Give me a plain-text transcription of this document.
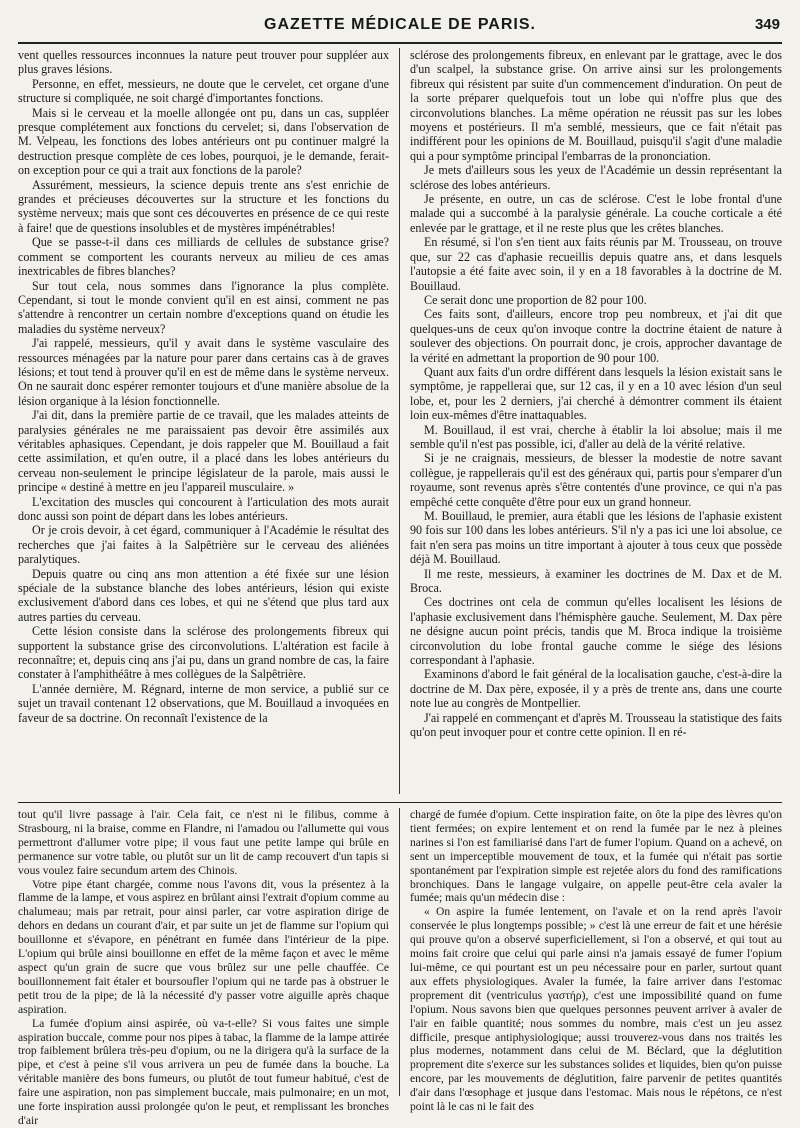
GAZETTE MÉDICALE DE PARIS.	349

vent quelles ressources inconnues la nature peut trouver pour suppléer aux plus graves lésions.

Personne, en effet, messieurs, ne doute que le cervelet, cet organe d'une structure si compliquée, ne soit chargé d'importantes fonctions.

Mais si le cerveau et la moelle allongée ont pu, dans un cas, suppléer presque complétement aux fonctions du cervelet; si, dans l'observation de M. Velpeau, les fonctions des lobes antérieurs ont pu continuer malgré la destruction presque complète de ces lobes, pourquoi, je le demande, ferait-on exception pour ce qui a trait aux fonctions de la parole?

Assurément, messieurs, la science depuis trente ans s'est enrichie de grandes et précieuses découvertes sur la structure et les fonctions du système nerveux; mais que sont ces découvertes en présence de ce qui reste à faire! que de questions insolubles et de mystères impénétrables!

Que se passe-t-il dans ces milliards de cellules de substance grise? comment se comportent les courants nerveux au milieu de ces amas inextricables de fibres blanches?

Sur tout cela, nous sommes dans l'ignorance la plus complète. Cependant, si tout le monde convient qu'il en est ainsi, comment ne pas s'attendre à rencontrer un certain nombre d'exceptions quand on étudie les maladies du système nerveux?

J'ai rappelé, messieurs, qu'il y avait dans le système vasculaire des ressources ménagées par la nature pour parer dans certains cas à de graves lésions; et tout tend à prouver qu'il en est de même dans le système nerveux. On ne saurait donc espérer remonter toujours et d'une manière absolue de la lésion organique à la lésion fonctionnelle.

J'ai dit, dans la première partie de ce travail, que les malades atteints de paralysies générales ne me paraissaient pas devoir être assimilés aux véritables aphasiques. Cependant, je dois rappeler que M. Bouillaud a fait cette assimilation, et qu'en outre, il a placé dans les lobes antérieurs du cerveau non-seulement le principe législateur de la parole, mais aussi le principe « destiné à mettre en jeu l'appareil musculaire. »

L'excitation des muscles qui concourent à l'articulation des mots aurait donc aussi son point de départ dans les lobes antérieurs.

Or je crois devoir, à cet égard, communiquer à l'Académie le résultat des recherches que j'ai faites à la Salpêtrière sur le cerveau des aliénées paralytiques.

Depuis quatre ou cinq ans mon attention a été fixée sur une lésion spéciale de la substance blanche des lobes antérieurs, lésion qui existe exclusivement d'abord dans ces lobes, et qui ne s'étend que plus tard aux autres parties du cerveau.

Cette lésion consiste dans la sclérose des prolongements fibreux qui supportent la substance grise des circonvolutions. L'altération est facile à reconnaître; et, depuis cinq ans j'ai pu, dans un grand nombre de cas, la faire constater à l'amphithéâtre à mes collègues de la Salpêtrière.

L'année dernière, M. Régnard, interne de mon service, a publié sur ce sujet un travail contenant 12 observations, que M. Bouillaud a invoquées en faveur de sa doctrine. On reconnaît l'existence de la

sclérose des prolongements fibreux, en enlevant par le grattage, avec le dos d'un scalpel, la substance grise. On arrive ainsi sur les prolongements fibreux qui résistent par suite d'un commencement d'induration. On peut de la sorte préparer quelquefois tout un lobe qui n'offre plus que des circonvolutions blanches. La même opération ne réussit pas sur les lobes moyens et postérieurs. Il m'a semblé, messieurs, que ce fait n'était pas indifférent pour les opinions de M. Bouillaud, puisqu'il s'agit d'une maladie qui a pour symptôme principal l'embarras de la prononciation.

Je mets d'ailleurs sous les yeux de l'Académie un dessin représentant la sclérose des lobes antérieurs.

Je présente, en outre, un cas de sclérose. C'est le lobe frontal d'une malade qui a succombé à la paralysie générale. La couche corticale a été enlevée par le grattage, et il ne reste plus que les crêtes blanches.

En résumé, si l'on s'en tient aux faits réunis par M. Trousseau, on trouve que, sur 22 cas d'aphasie recueillis depuis quatre ans, et dans lesquels l'autopsie a été faite avec soin, il y en a 18 favorables à la doctrine de M. Bouillaud.

Ce serait donc une proportion de 82 pour 100.

Ces faits sont, d'ailleurs, encore trop peu nombreux, et j'ai dit que quelques-uns de ceux qu'on invoque contre la doctrine étaient de nature à soulever des objections. On pourrait donc, je crois, approcher davantage de la vérité en admettant la proportion de 90 pour 100.

Quant aux faits d'un ordre différent dans lesquels la lésion existait sans le symptôme, je rappellerai que, sur 12 cas, il y en a 10 avec lésion d'un seul lobe, et, pour les 2 derniers, j'ai cherché à démontrer comment ils étaient loin eux-mêmes d'être inattaquables.

M. Bouillaud, il est vrai, cherche à établir la loi absolue; mais il me semble qu'il n'est pas possible, ici, d'aller au delà de la vérité relative.

Si je ne craignais, messieurs, de blesser la modestie de notre savant collègue, je rappellerais qu'il est des généraux qui, partis pour s'emparer d'un royaume, sont revenus après s'être contentés d'une province, ce qui n'a pas empêché cette conquête d'être pour eux un grand honneur.

M. Bouillaud, le premier, aura établi que les lésions de l'aphasie existent 90 fois sur 100 dans les lobes antérieurs. S'il n'y a pas ici une loi absolue, ce fait n'en sera pas moins un titre important à ajouter à tous ceux que possède déjà M. Bouillaud.

Il me reste, messieurs, à examiner les doctrines de M. Dax et de M. Broca.

Ces doctrines ont cela de commun qu'elles localisent les lésions de l'aphasie exclusivement dans l'hémisphère gauche. Seulement, M. Dax père ne désigne aucun point précis, tandis que M. Broca indique la troisième circonvolution du lobe frontal gauche comme le siége des lésions correspondant à l'aphasie.

Examinons d'abord le fait général de la localisation gauche, c'est-à-dire la doctrine de M. Dax père, exposée, il y a près de trente ans, dans une courte note lue au congrès de Montpellier.

J'ai rappelé en commençant et d'après M. Trousseau la statistique des faits qu'on peut invoquer pour et contre cette opinion. Il en ré-

tout qu'il livre passage à l'air. Cela fait, ce n'est ni le filibus, comme à Strasbourg, ni la braise, comme en Flandre, ni l'amadou ou l'allumette qui vous permettront d'allumer votre pipe; il vous faut une petite lampe qui brûle en permanence sur votre table, ou plutôt sur un lit de camp recouvert d'un tapis si vous voulez faire secundum artem des Chinois.

Votre pipe étant chargée, comme nous l'avons dit, vous la présentez à la flamme de la lampe, et vous aspirez en brûlant ainsi l'extrait d'opium comme au chalumeau; mais par retrait, pour ainsi parler, car votre aspiration dirige de dehors en dedans un courant d'air, et par suite un jet de flamme sur l'opium qui bouillonne et s'évapore, en pénétrant en fumée dans l'intérieur de la pipe. L'opium qui brûle ainsi bouillonne en effet de la même façon et avec le même aspect qu'un grain de sucre que vous brûlez sur une pelle chauffée. Ce bouillonnement fait étaler et boursoufler l'opium qui ne tarde pas à obstruer le petit trou de la pipe; de là la nécessité d'y passer votre aiguille après chaque aspiration.

La fumée d'opium ainsi aspirée, où va-t-elle? Si vous faites une simple aspiration buccale, comme pour nos pipes à tabac, la flamme de la lampe attirée trop faiblement brûlera très-peu d'opium, ou ne la dirigera qu'à la surface de la pipe, et c'est à peine s'il vous arrivera un peu de fumée dans la bouche. La véritable manière des bons fumeurs, ou plutôt de tout fumeur habitué, c'est de faire une aspiration, non pas simplement buccale, mais pulmonaire; en un mot, une forte inspiration aussi prolongée qu'on le peut, et remplissant les bronches d'air

chargé de fumée d'opium. Cette inspiration faite, on ôte la pipe des lèvres qu'on tient fermées; on expire lentement et on rend la fumée par le nez à pleines narines si l'on est familiarisé dans l'art de fumer l'opium. Quand on a achevé, on sent un imperceptible mouvement de toux, et la fumée qui n'était pas sortie spontanément par l'expiration simple est rejetée alors du fond des ramifications bronchiques. Dans le langage vulgaire, on appelle peut-être cela avaler la fumée; mais qu'un médecin dise :

« On aspire la fumée lentement, on l'avale et on la rend après l'avoir conservée le plus longtemps possible; » c'est là une erreur de fait et une hérésie qui prouve qu'on a observé superficiellement, si l'on a observé, et qui tout au moins fait croire que celui qui parle ainsi n'a jamais essayé de fumer l'opium lui-même, ce qui pourtant est un peu nécessaire pour en parler, surtout quant aux effets physiologiques. Avaler la fumée, la faire arriver dans l'estomac proprement dit (ventriculus γαστήρ), c'est une impossibilité quand on fume l'opium. Nous savons bien que quelques personnes peuvent arriver à avaler de l'air en faible quantité; nous sommes du nombre, mais c'est un jeu assez difficile, presque antiphysiologique; aussi trouverez-vous dans nos traités les plus modernes, notamment dans celui de M. Béclard, que la déglutition proprement dite s'exerce sur les substances solides et liquides, bien qu'on puisse encore, par les mouvements de déglutition, faire parvenir de petites quantités d'air dans l'œsophage et jusque dans l'estomac. Mais nous le répétons, ce n'est point là le cas ni le fait des
